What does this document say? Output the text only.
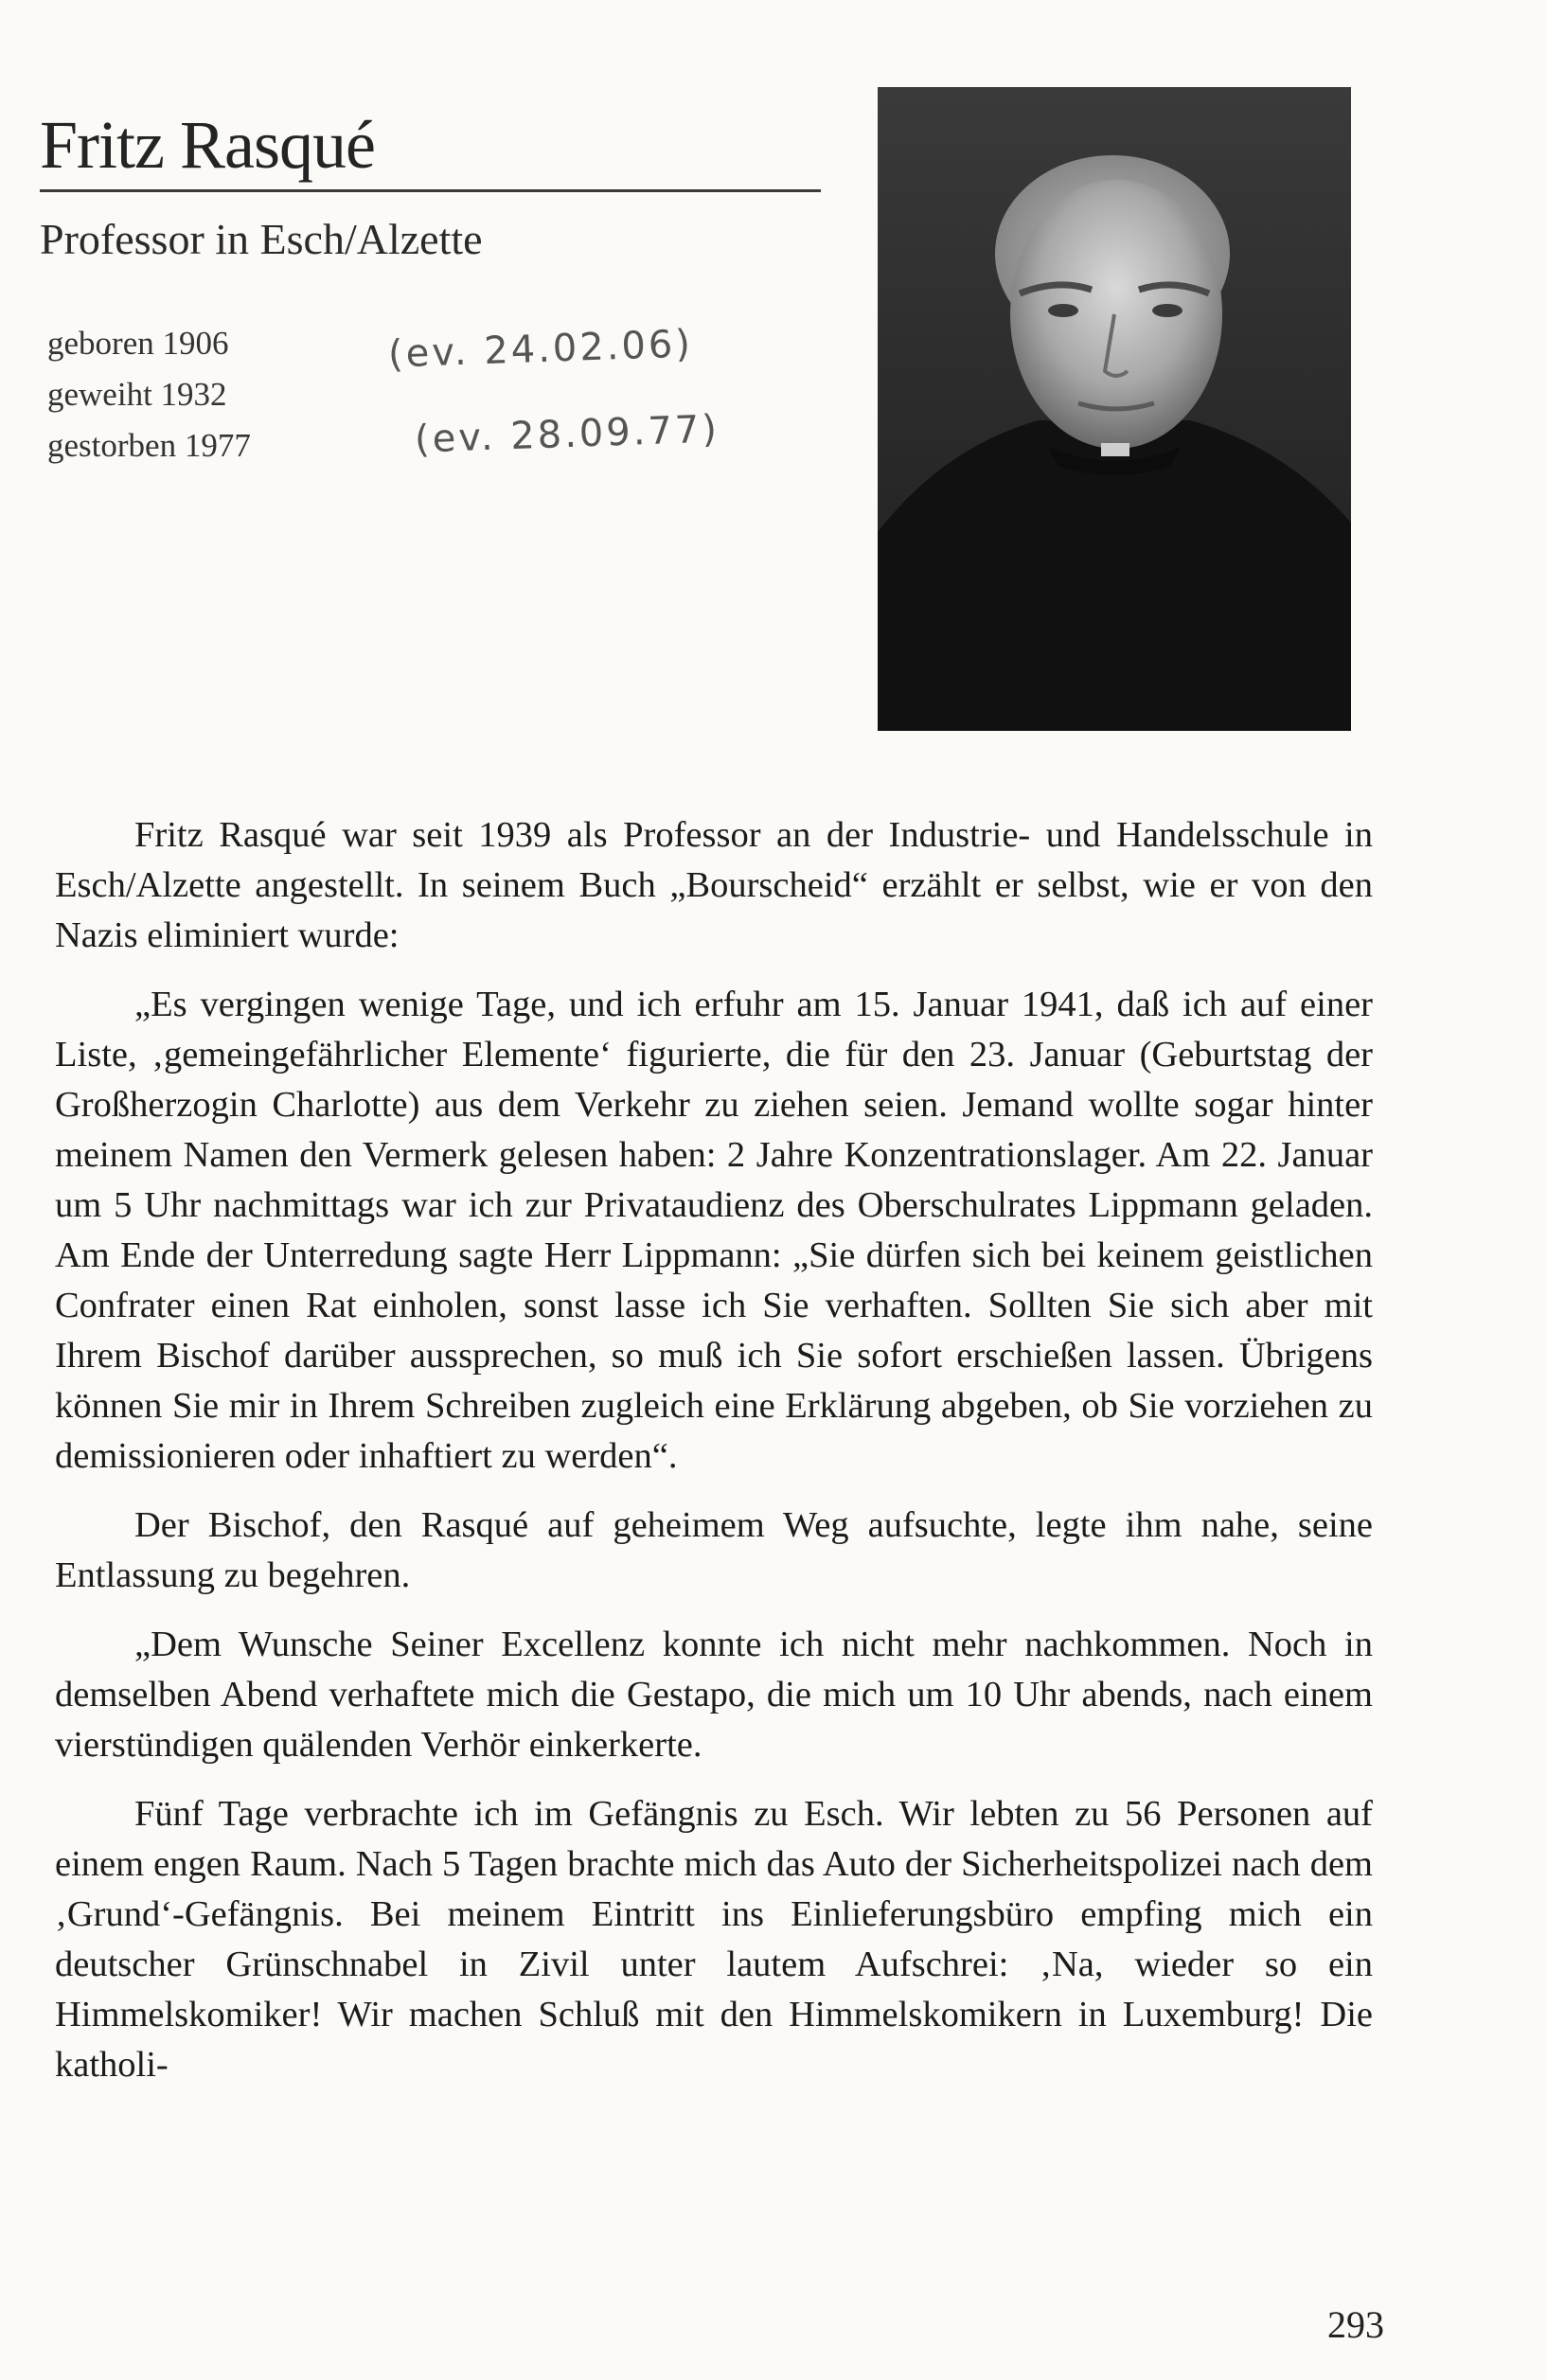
Fritz Rasqué
Professor in Esch/Alzette
geboren 1906
geweiht 1932
gestorben 1977
(ev. 24.02.06)
(ev. 28.09.77)

Fritz Rasqué war seit 1939 als Professor an der Industrie- und Handelsschule in Esch/Alzette angestellt. In seinem Buch „Bourscheid“ erzählt er selbst, wie er von den Nazis eliminiert wurde:

„Es vergingen wenige Tage, und ich erfuhr am 15. Januar 1941, daß ich auf einer Liste, ‚gemeingefährlicher Elemente‘ figurierte, die für den 23. Januar (Geburtstag der Großherzogin Charlotte) aus dem Verkehr zu ziehen seien. Jemand wollte sogar hinter meinem Namen den Vermerk gelesen haben: 2 Jahre Konzentrationslager. Am 22. Januar um 5 Uhr nachmittags war ich zur Privataudienz des Oberschulrates Lippmann geladen. Am Ende der Unterredung sagte Herr Lippmann: „Sie dürfen sich bei keinem geistlichen Confrater einen Rat einholen, sonst lasse ich Sie verhaften. Sollten Sie sich aber mit Ihrem Bischof darüber aussprechen, so muß ich Sie sofort erschießen lassen. Übrigens können Sie mir in Ihrem Schreiben zugleich eine Erklärung abgeben, ob Sie vorziehen zu demissionieren oder inhaftiert zu werden“.

Der Bischof, den Rasqué auf geheimem Weg aufsuchte, legte ihm nahe, seine Entlassung zu begehren.

„Dem Wunsche Seiner Excellenz konnte ich nicht mehr nachkommen. Noch in demselben Abend verhaftete mich die Gestapo, die mich um 10 Uhr abends, nach einem vierstündigen quälenden Verhör einkerkerte.

Fünf Tage verbrachte ich im Gefängnis zu Esch. Wir lebten zu 56 Personen auf einem engen Raum. Nach 5 Tagen brachte mich das Auto der Sicherheitspolizei nach dem ‚Grund‘-Gefängnis. Bei meinem Eintritt ins Einlieferungsbüro empfing mich ein deutscher Grünschnabel in Zivil unter lautem Aufschrei: ‚Na, wieder so ein Himmelskomiker! Wir machen Schluß mit den Himmelskomikern in Luxemburg! Die katholi-

293
